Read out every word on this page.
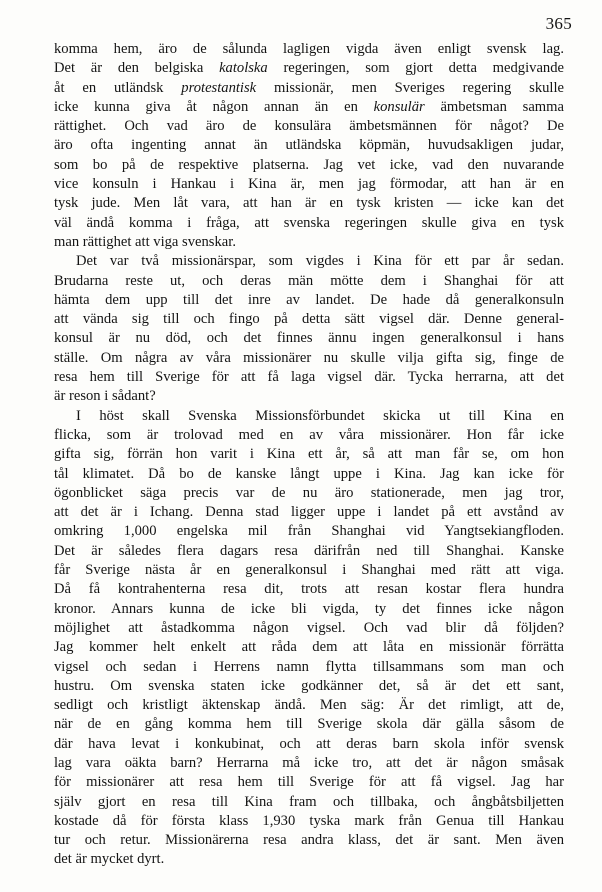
365
komma hem, äro de sålunda lagligen vigda även enligt svensk lag.
Det är den belgiska katolska regeringen, som gjort detta medgivande
åt en utländsk protestantisk missionär, men Sveriges regering skulle
icke kunna giva åt någon annan än en konsulär ämbetsman samma
rättighet. Och vad äro de konsulära ämbetsmännen för något? De
äro ofta ingenting annat än utländska köpmän, huvudsakligen judar,
som bo på de respektive platserna. Jag vet icke, vad den nuvarande
vice konsuln i Hankau i Kina är, men jag förmodar, att han är en
tysk jude. Men låt vara, att han är en tysk kristen — icke kan det
väl ändå komma i fråga, att svenska regeringen skulle giva en tysk
man rättighet att viga svenskar.
Det var två missionärspar, som vigdes i Kina för ett par år sedan.
Brudarna reste ut, och deras män mötte dem i Shanghai för att
hämta dem upp till det inre av landet. De hade då generalkonsuln
att vända sig till och fingo på detta sätt vigsel där. Denne general-
konsul är nu död, och det finnes ännu ingen generalkonsul i hans
ställe. Om några av våra missionärer nu skulle vilja gifta sig, finge de
resa hem till Sverige för att få laga vigsel där. Tycka herrarna, att det
är reson i sådant?
I höst skall Svenska Missionsförbundet skicka ut till Kina en
flicka, som är trolovad med en av våra missionärer. Hon får icke
gifta sig, förrän hon varit i Kina ett år, så att man får se, om hon
tål klimatet. Då bo de kanske långt uppe i Kina. Jag kan icke för
ögonblicket säga precis var de nu äro stationerade, men jag tror,
att det är i Ichang. Denna stad ligger uppe i landet på ett avstånd av
omkring 1,000 engelska mil från Shanghai vid Yangtsekiangfloden.
Det är således flera dagars resa därifrån ned till Shanghai. Kanske
får Sverige nästa år en generalkonsul i Shanghai med rätt att viga.
Då få kontrahenterna resa dit, trots att resan kostar flera hundra
kronor. Annars kunna de icke bli vigda, ty det finnes icke någon
möjlighet att åstadkomma någon vigsel. Och vad blir då följden?
Jag kommer helt enkelt att råda dem att låta en missionär förrätta
vigsel och sedan i Herrens namn flytta tillsammans som man och
hustru. Om svenska staten icke godkänner det, så är det ett sant,
sedligt och kristligt äktenskap ändå. Men säg: Är det rimligt, att de,
när de en gång komma hem till Sverige skola där gälla såsom de
där hava levat i konkubinat, och att deras barn skola inför svensk
lag vara oäkta barn? Herrarna må icke tro, att det är någon småsak
för missionärer att resa hem till Sverige för att få vigsel. Jag har
själv gjort en resa till Kina fram och tillbaka, och ångbåtsbiljetten
kostade då för första klass 1,930 tyska mark från Genua till Hankau
tur och retur. Missionärerna resa andra klass, det är sant. Men även
det är mycket dyrt.
